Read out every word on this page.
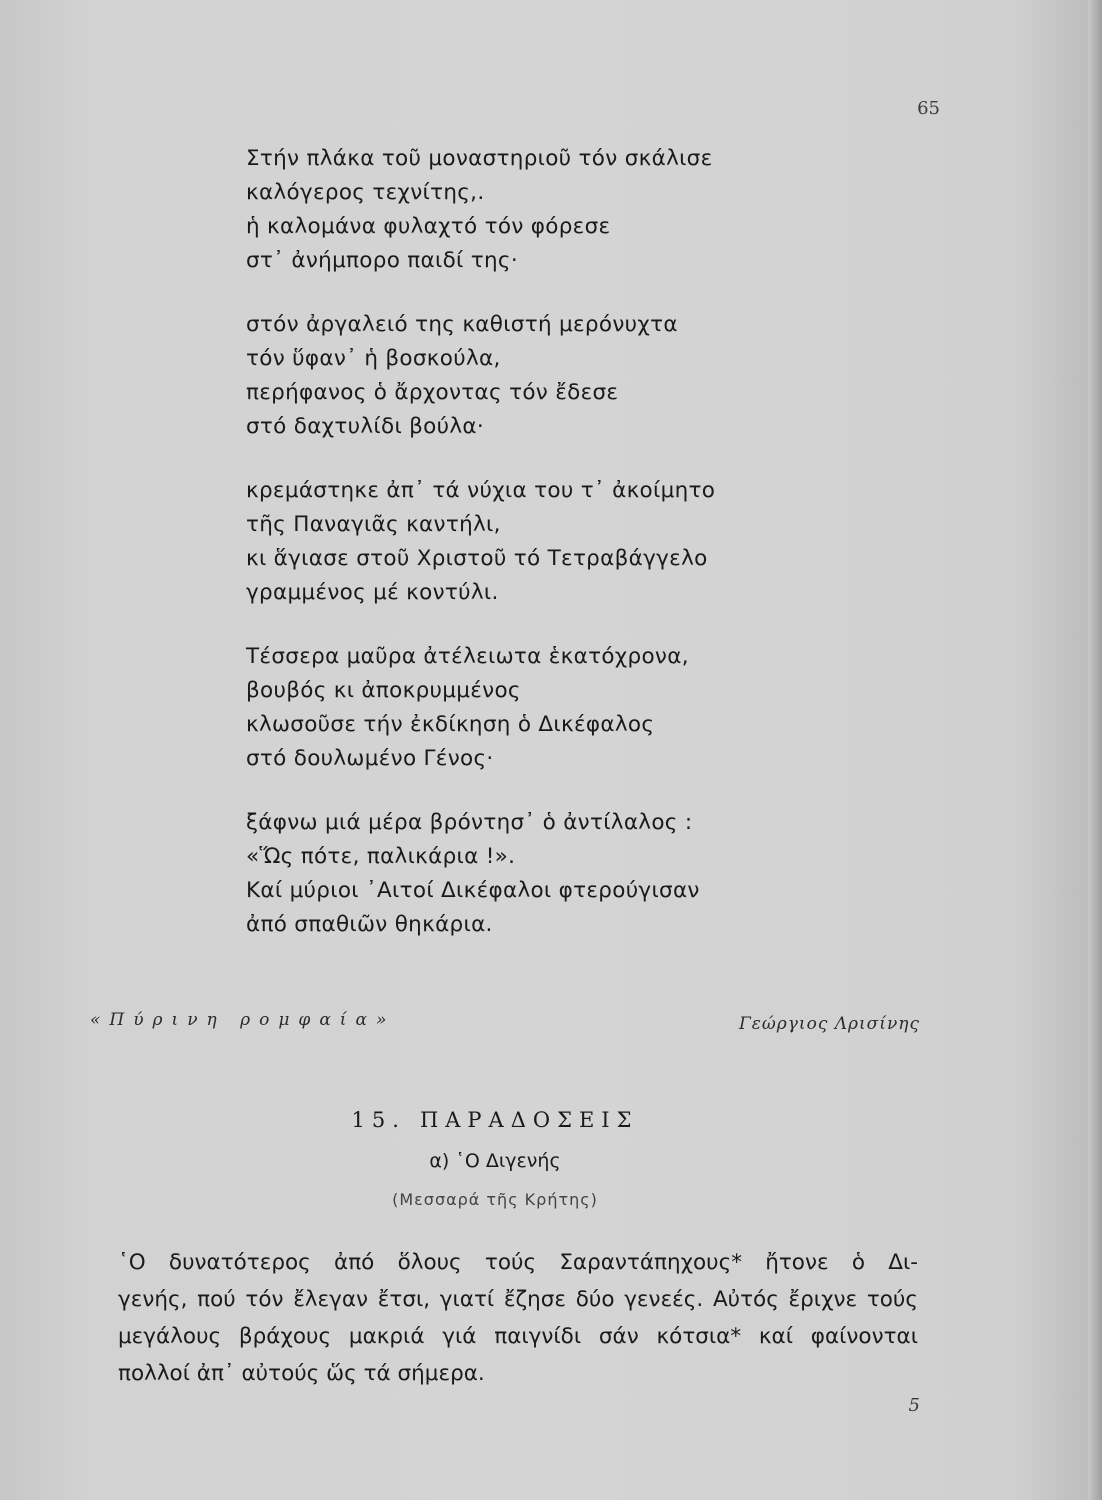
65
Στήν πλάκα τοῦ μοναστηριοῦ τόν σκάλισε
καλόγερος τεχνίτης,.
ἡ καλομάνα φυλαχτό τόν φόρεσε
στ᾽ ἀνήμπορο παιδί της·
στόν ἀργαλειό της καθιστή μερόνυχτα
τόν ὕφαν᾽ ἡ βοσκούλα,
περήφανος ὁ ἄρχοντας τόν ἔδεσε
στό δαχτυλίδι βούλα·
κρεμάστηκε ἀπ᾽ τά νύχια του τ᾽ ἀκοίμητο
τῆς Παναγιᾶς καντήλι,
κι ἅγιασε στοῦ Χριστοῦ τό Τετραβάγγελο
γραμμένος μέ κοντύλι.
Τέσσερα μαῦρα ἀτέλειωτα ἑκατόχρονα,
βουβός κι ἀποκρυμμένος
κλωσοῦσε τήν ἐκδίκηση ὁ Δικέφαλος
στό δουλωμένο Γένος·
ξάφνω μιά μέρα βρόντησ᾽ ὁ ἀντίλαλος :
«Ὥς πότε, παλικάρια !».
Καί μύριοι ᾿Αιτοί Δικέφαλοι φτερούγισαν
ἀπό σπαθιῶν θηκάρια.
«Πύρινη ρομφαία»	Γεώργιος Λρισίνης
15. ΠΑΡΑΔΟΣΕΙΣ
α) ῾Ο Διγενής
(Μεσσαρά τῆς Κρήτης)
῾Ο δυνατότερος ἀπό ὅλους τούς Σαραντάπηχους* ἤτονε ὁ Δι-
γενής, πού τόν ἔλεγαν ἔτσι, γιατί ἔζησε δύο γενεές. Αὐτός ἔριχνε τούς
μεγάλους βράχους μακριά γιά παιγνίδι σάν κότσια* καί φαίνονται
πολλοί ἀπ᾽ αὐτούς ὥς τά σήμερα.
5
